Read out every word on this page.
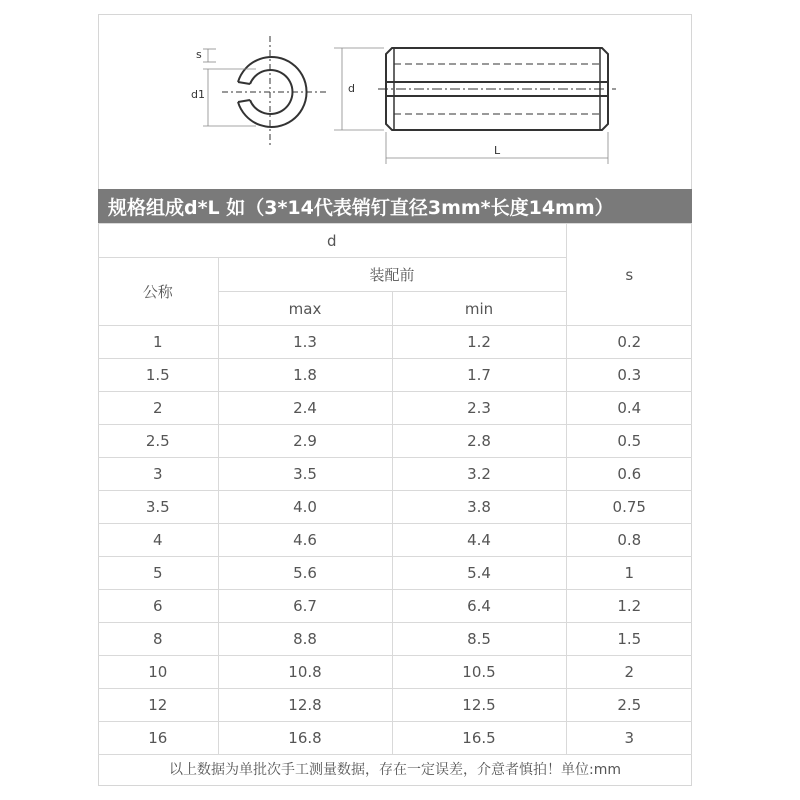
s
d1	d
L
规格组成d*L 如（3*14代表销钉直径3mm*长度14mm）
d			s
公称	装配前		
	max	min	
1	1.3	1.2	0.2
1.5	1.8	1.7	0.3
2	2.4	2.3	0.4
2.5	2.9	2.8	0.5
3	3.5	3.2	0.6
3.5	4.0	3.8	0.75
4	4.6	4.4	0.8
5	5.6	5.4	1
6	6.7	6.4	1.2
8	8.8	8.5	1.5
10	10.8	10.5	2
12	12.8	12.5	2.5
16	16.8	16.5	3
以上数据为单批次手工测量数据，存在一定误差，介意者慎拍！单位:mm
